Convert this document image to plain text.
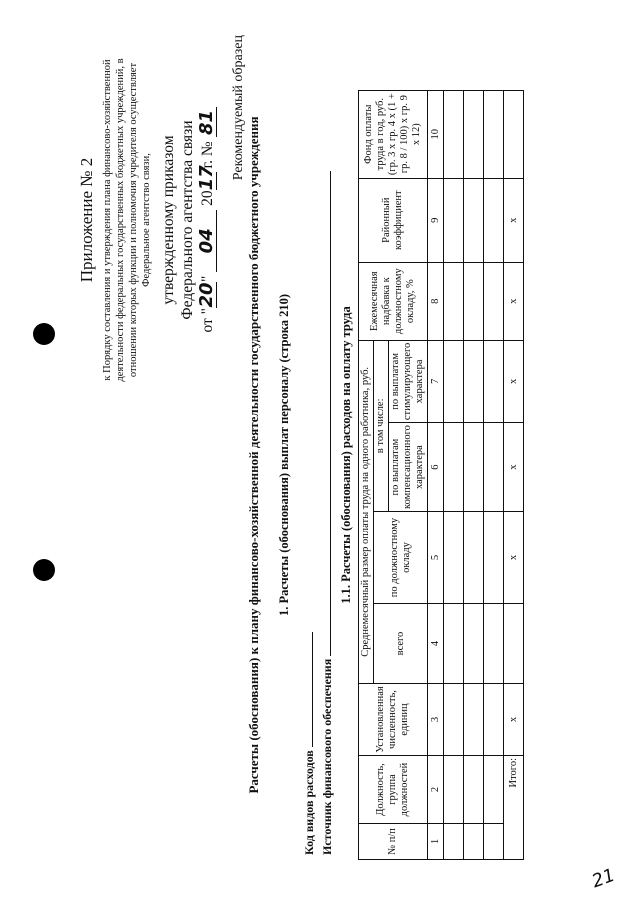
Приложение № 2 к Порядку составления и утверждения плана финансово-хозяйственной деятельности федеральных государственных бюджетных учреждений, в отношении которых функции и полномочия учредителя осуществляет Федеральное агентство связи, утвержденному приказом Федерального агентства связи
от "20" 04 2017 г. № 81 Рекомендуемый образец
Расчеты (обоснования) к плану финансово-хозяйственной деятельности государственного бюджетного учреждения 1. Расчеты (обоснования) выплат персоналу (строка 210)
Код видов расходов Источник финансового обеспечения
1.1. Расчеты (обоснования) расходов на оплату труда
№ п/п	Должность, группа должностей	Установленная численность, единиц	Среднемесячный размер оплаты труда на одного работника, руб.				Ежемесячная надбавка к должностному окладу, %	Районный коэффициент	Фонд оплаты труда в год, руб. (гр. 3 х гр. 4 х (1 + гр. 8 / 100) х гр. 9 х 12)
			всего	по должностному окладу	в том числе:				
					по выплатам компенсационного характера	по выплатам стимулирующего характера			
1	2	3	4	5	6	7	8	9	10

Итого:		х		х	х	х	х	х	
21
